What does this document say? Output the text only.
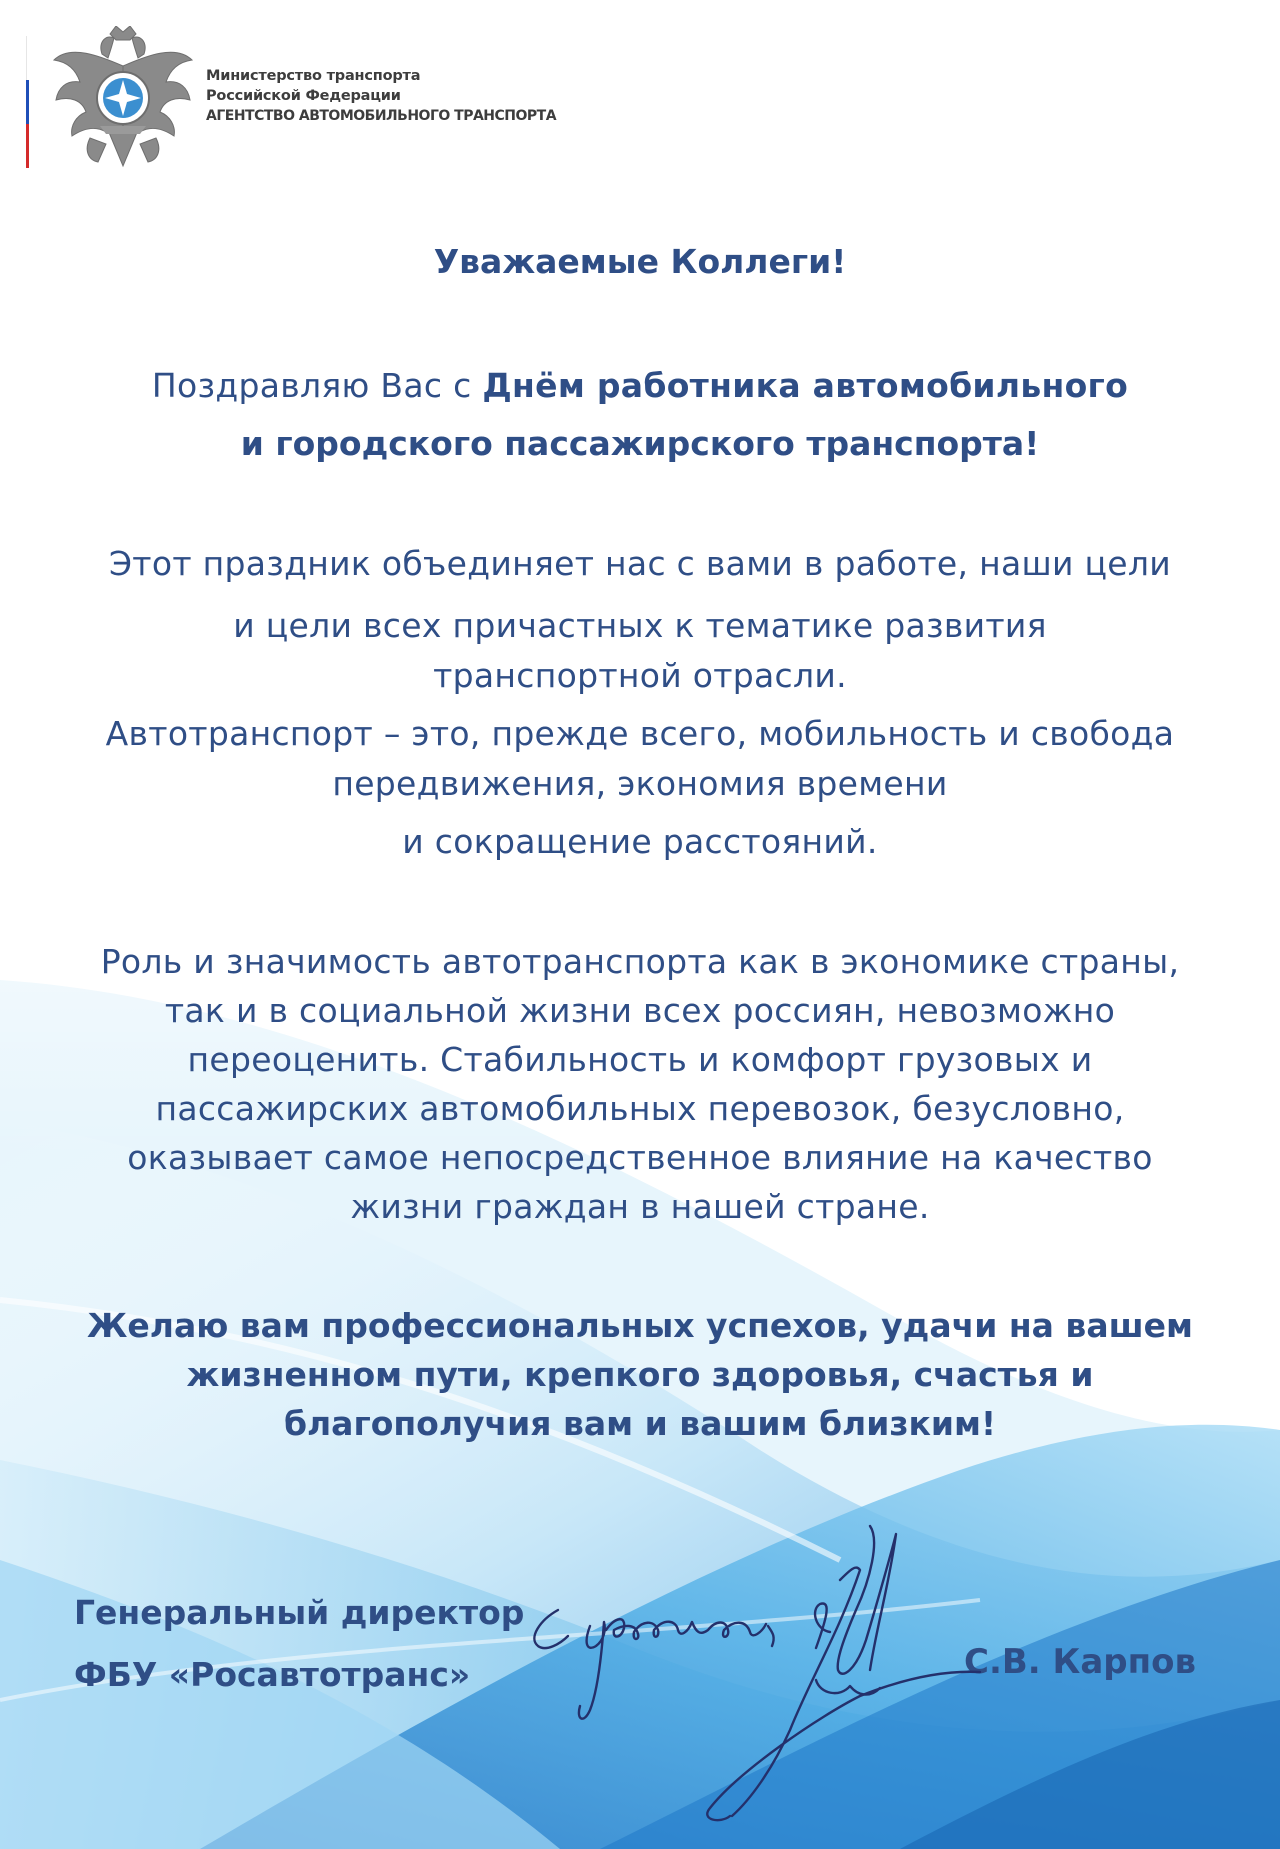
Министерство транспорта
Российской Федерации
АГЕНТСТВО АВТОМОБИЛЬНОГО ТРАНСПОРТА
Уважаемые Коллеги!
Поздравляю Вас с Днём работника автомобильного
и городского пассажирского транспорта!
Этот праздник объединяет нас с вами в работе, наши цели
и цели всех причастных к тематике развития
транспортной отрасли.
Автотранспорт – это, прежде всего, мобильность и свобода
передвижения, экономия времени
и сокращение расстояний.
Роль и значимость автотранспорта как в экономике страны,
так и в социальной жизни всех россиян, невозможно
переоценить. Стабильность и комфорт грузовых и
пассажирских автомобильных перевозок, безусловно,
оказывает самое непосредственное влияние на качество
жизни граждан в нашей стране.
Желаю вам профессиональных успехов, удачи на вашем
жизненном пути, крепкого здоровья, счастья и
благополучия вам и вашим близким!
Генеральный директор
ФБУ «Росавтотранс»	С.В. Карпов
